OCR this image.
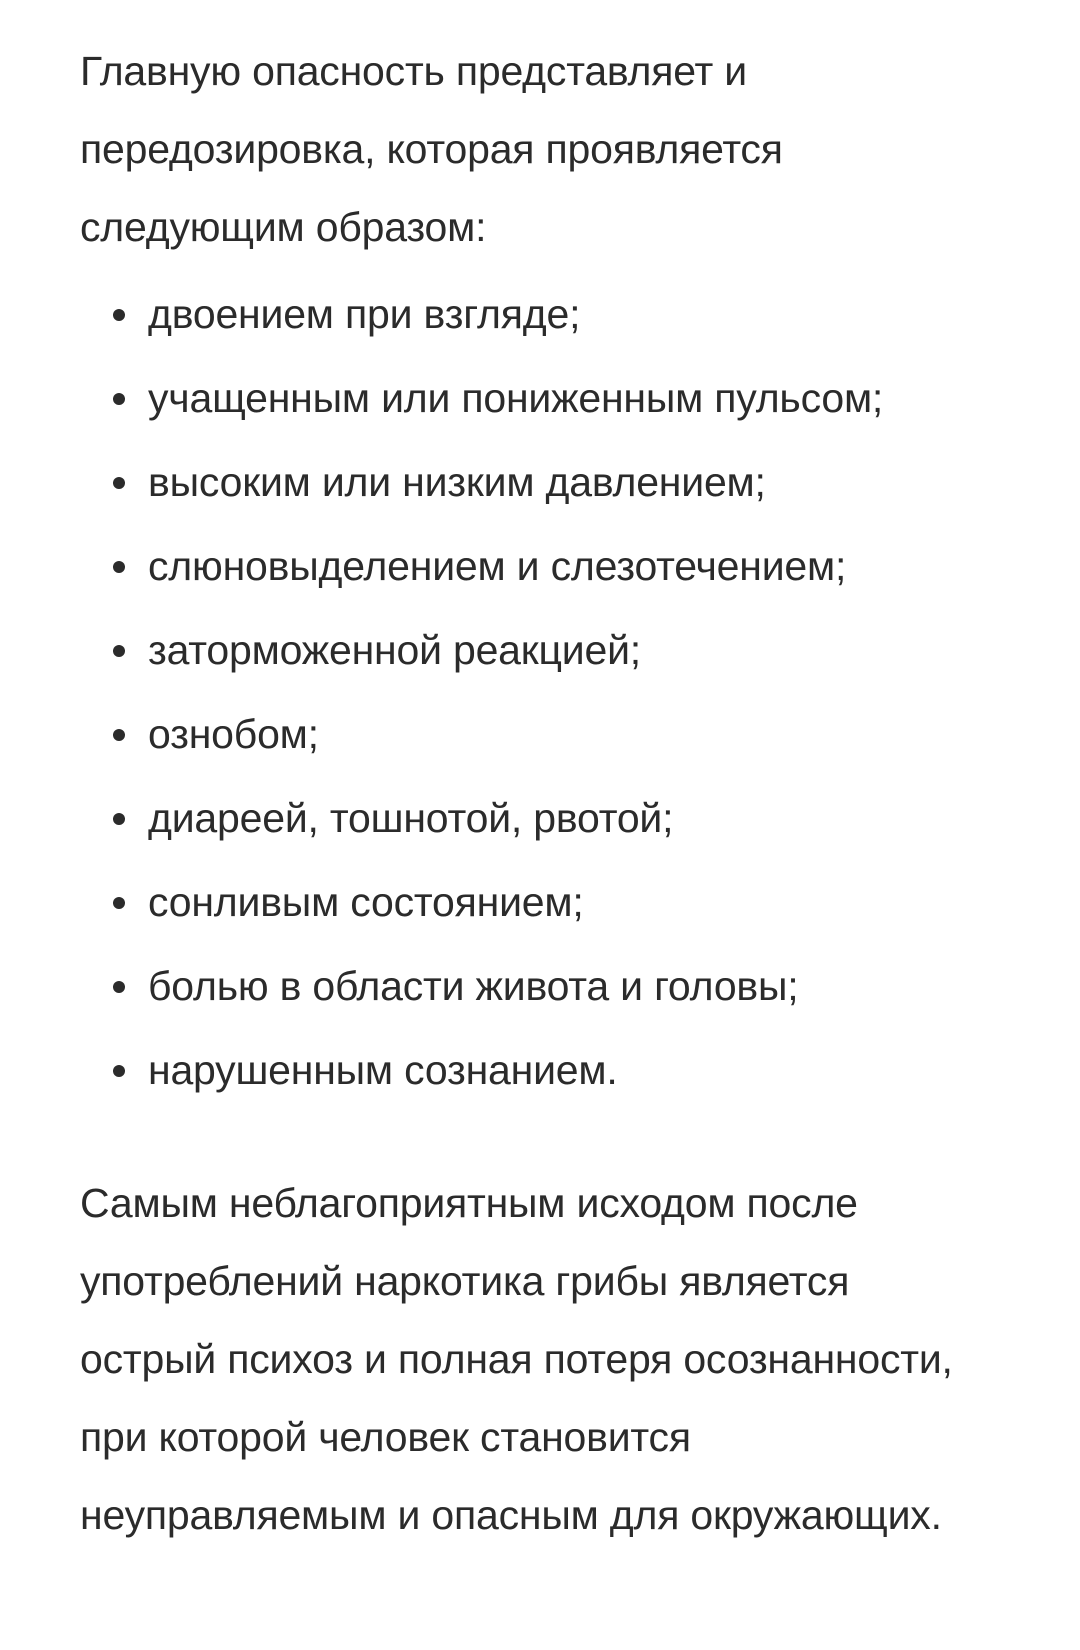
Главную опасность представляет и передозировка, которая проявляется следующим образом:

двоением при взгляде;
учащенным или пониженным пульсом;
высоким или низким давлением;
слюновыделением и слезотечением;
заторможенной реакцией;
ознобом;
диареей, тошнотой, рвотой;
сонливым состоянием;
болью в области живота и головы;
нарушенным сознанием.

Самым неблагоприятным исходом после употреблений наркотика грибы является острый психоз и полная потеря осознанности, при которой человек становится неуправляемым и опасным для окружающих.
